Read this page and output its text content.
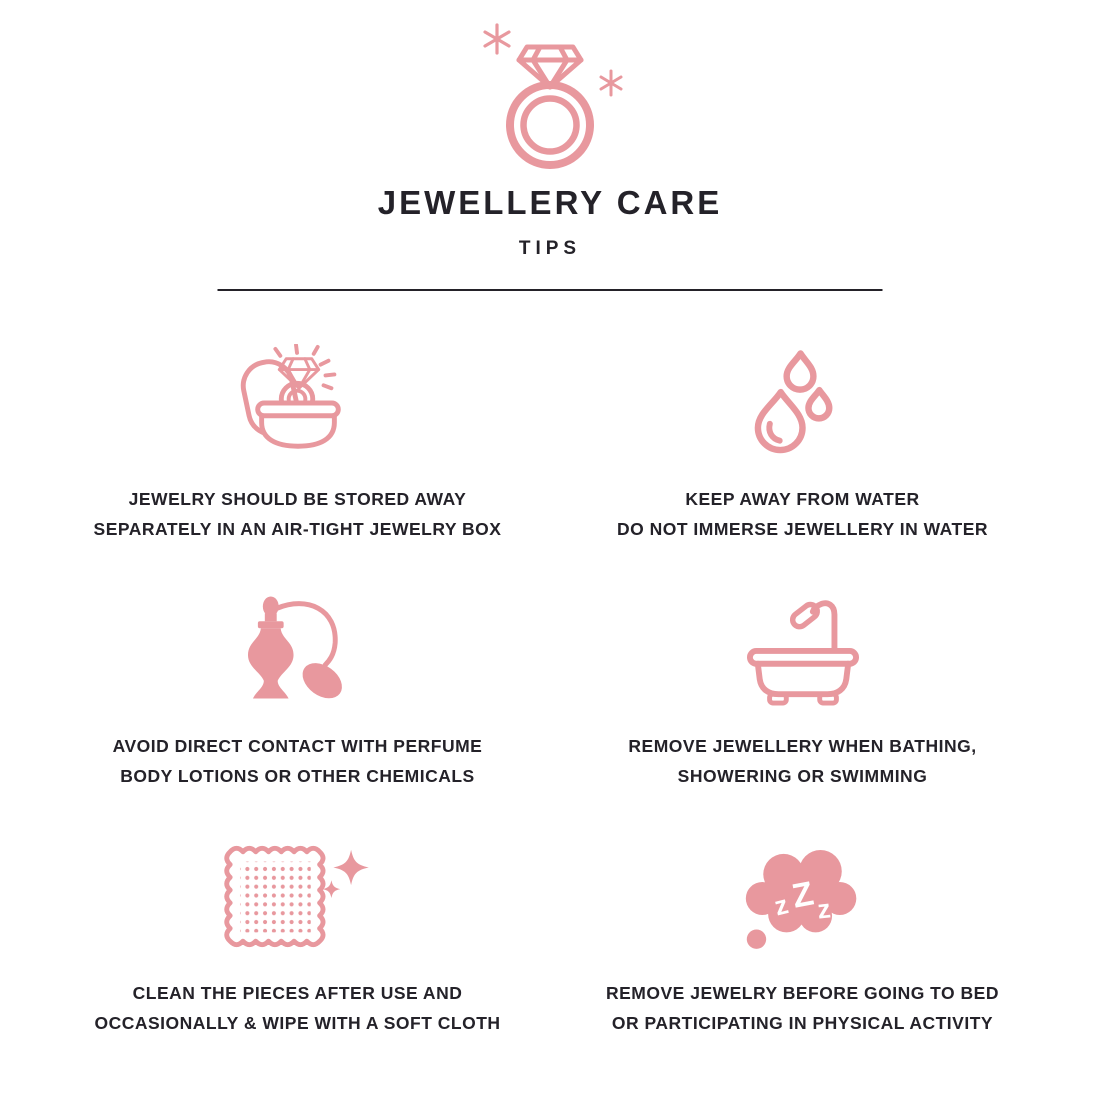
JEWELLERY CARE
TIPS
JEWELRY SHOULD BE STORED AWAY
SEPARATELY IN AN AIR-TIGHT JEWELRY BOX
KEEP AWAY FROM WATER
DO NOT IMMERSE JEWELLERY IN WATER
AVOID DIRECT CONTACT WITH PERFUME
BODY LOTIONS OR OTHER CHEMICALS
REMOVE JEWELLERY WHEN BATHING,
SHOWERING OR SWIMMING
CLEAN THE PIECES AFTER USE AND
OCCASIONALLY & WIPE WITH A SOFT CLOTH
z
Z z
REMOVE JEWELRY BEFORE GOING TO BED
OR PARTICIPATING IN PHYSICAL ACTIVITY
